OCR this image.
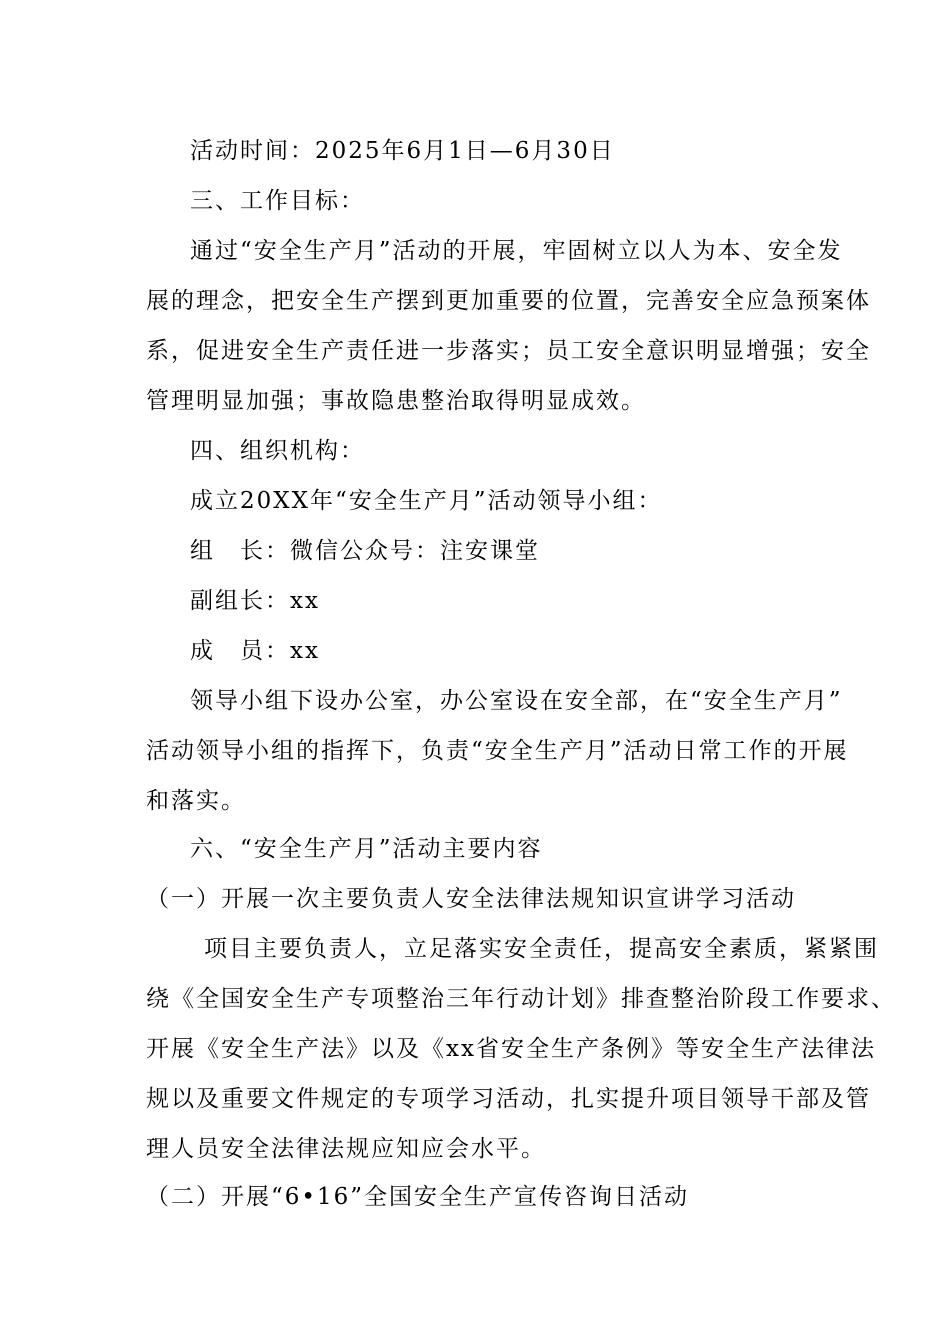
活动时间：2025年6月1日—6月30日
三、工作目标：
通过“安全生产月”活动的开展，牢固树立以人为本、安全发
展的理念，把安全生产摆到更加重要的位置，完善安全应急预案体
系，促进安全生产责任进一步落实；员工安全意识明显增强；安全
管理明显加强；事故隐患整治取得明显成效。
四、组织机构：
成立20XX年“安全生产月”活动领导小组：
组　长：微信公众号：注安课堂
副组长：xx
成　员：xx
领导小组下设办公室，办公室设在安全部，在“安全生产月”
活动领导小组的指挥下，负责“安全生产月”活动日常工作的开展
和落实。
六、“安全生产月”活动主要内容
（一）开展一次主要负责人安全法律法规知识宣讲学习活动
项目主要负责人，立足落实安全责任，提高安全素质，紧紧围
绕《全国安全生产专项整治三年行动计划》排查整治阶段工作要求、
开展《安全生产法》以及《xx省安全生产条例》等安全生产法律法
规以及重要文件规定的专项学习活动，扎实提升项目领导干部及管
理人员安全法律法规应知应会水平。
（二）开展“6•16”全国安全生产宣传咨询日活动
